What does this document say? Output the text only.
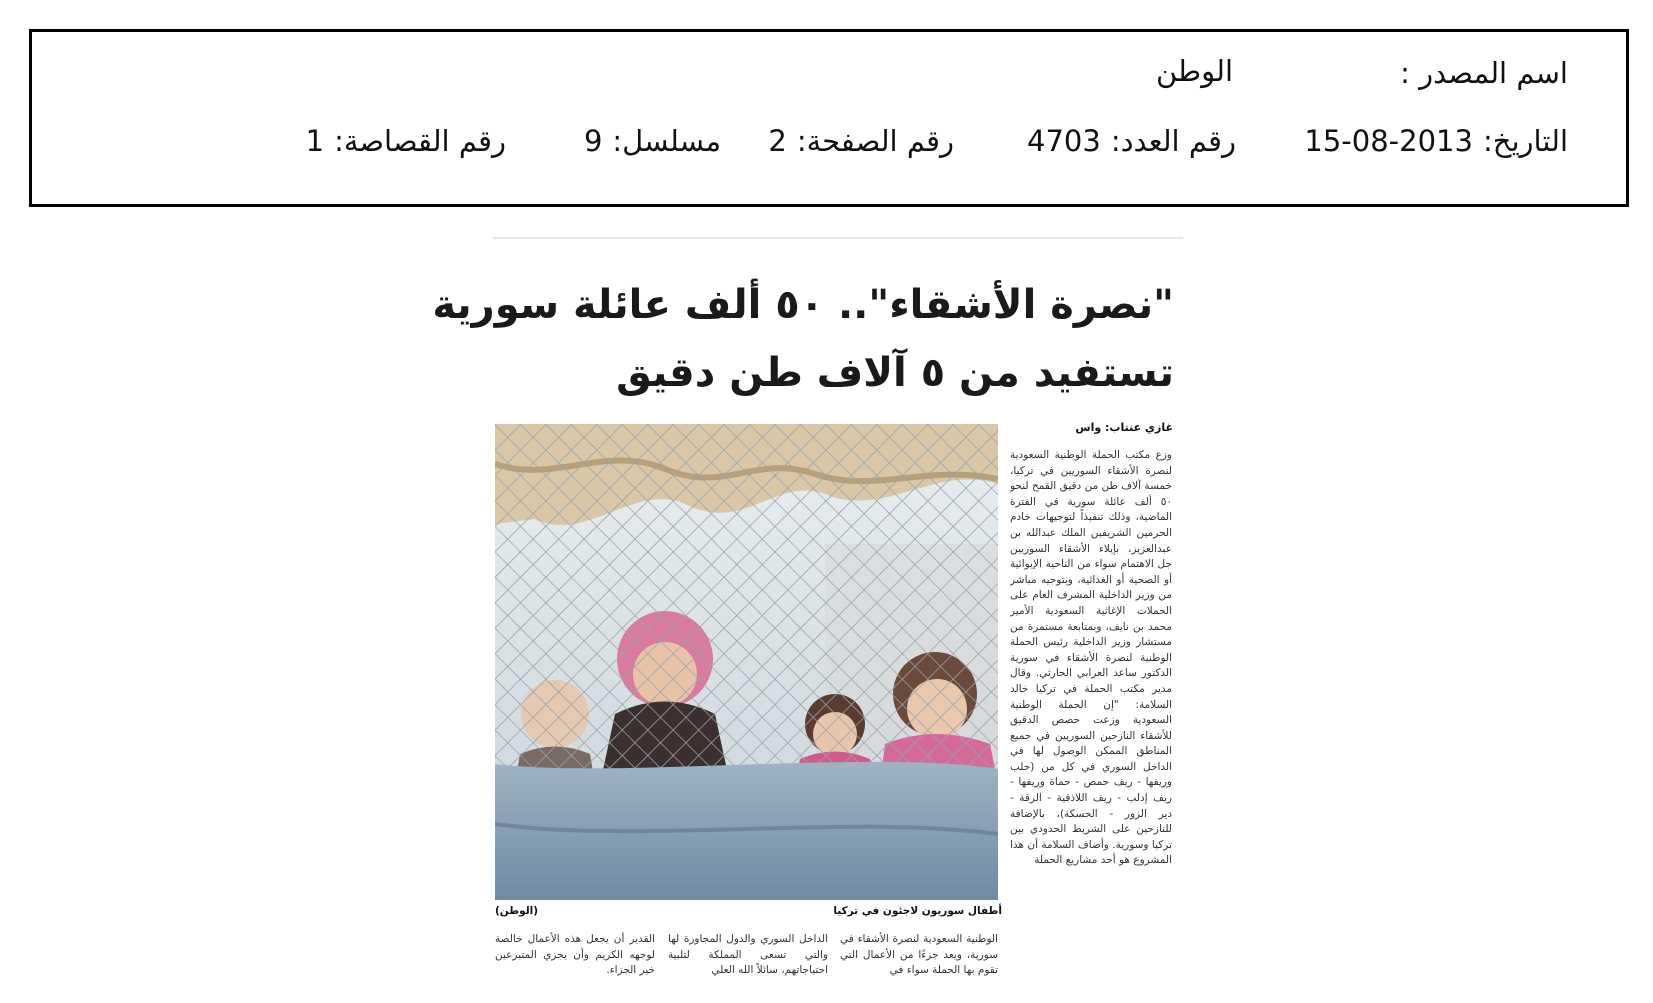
اسم المصدر :
الوطن
التاريخ:2013-08-15
رقم العدد:4703
رقم الصفحة:2
مسلسل:9
رقم القصاصة:1
"نصرة الأشقاء".. ٥٠ ألف عائلة سورية
تستفيد من ٥ آلاف طن دقيق
غازي عنتاب: واس
وزع مكتب الحملة الوطنية السعودية لنصرة الأشقاء السوريين في تركيا، خمسة آلاف طن من دقيق القمح لنحو ٥٠ ألف عائلة سورية في الفترة الماضية، وذلك تنفيذاً لتوجيهات خادم الحرمين الشريفين الملك عبدالله بن عبدالعزيز، بإيلاء الأشقاء السوريين جل الاهتمام سواء من الناحية الإيوائية أو الصحية أو الغذائية، وبتوجيه مباشر من وزير الداخلية المشرف العام على الحملات الإغاثية السعودية الأمير محمد بن نايف، وبمتابعة مستمرة من مستشار وزير الداخلية رئيس الحملة الوطنية لنصرة الأشقاء في سورية الدكتور ساعد العرابي الحارثي. وقال مدير مكتب الحملة في تركيا خالد السلامة: "إن الحملة الوطنية السعودية وزعت حصص الدقيق للأشقاء النازحين السوريين في جميع المناطق الممكن الوصول لها في الداخل السوري في كل من (حلب وريفها - ريف حمص - حماة وريفها - ريف إدلب - ريف اللاذقية - الرقة - دير الزور - الحسكة)، بالإضافة للنازحين على الشريط الحدودي بين تركيا وسورية. وأضاف السلامة أن هذا المشروع هو أحد مشاريع الحملة
أطفال سوريون لاجئون في تركيا
(الوطن)
الوطنية السعودية لنصرة الأشقاء في سورية، ويعد جزءًا من الأعمال التي تقوم بها الحملة سواء في
الداخل السوري والدول المجاورة لها والتي تسعى المملكة لتلبية احتياجاتهم، سائلاً الله العلي
القدير أن يجعل هذه الأعمال خالصة لوجهه الكريم وأن يجزي المتبرعين خير الجزاء.
